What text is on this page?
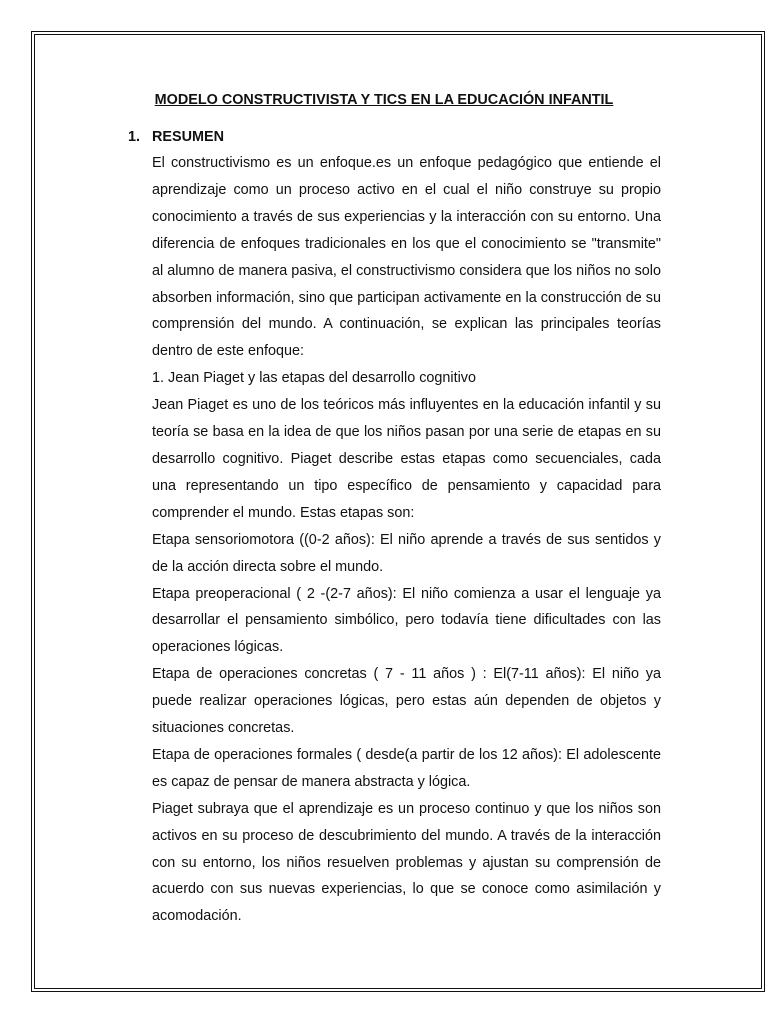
MODELO CONSTRUCTIVISTA Y TICS EN LA EDUCACIÓN INFANTIL
1. RESUMEN

El constructivismo es un enfoque.es un enfoque pedagógico que entiende el aprendizaje como un proceso activo en el cual el niño construye su propio conocimiento a través de sus experiencias y la interacción con su entorno. Una diferencia de enfoques tradicionales en los que el conocimiento se "transmite" al alumno de manera pasiva, el constructivismo considera que los niños no solo absorben información, sino que participan activamente en la construcción de su comprensión del mundo. A continuación, se explican las principales teorías dentro de este enfoque:

1. Jean Piaget y las etapas del desarrollo cognitivo

Jean Piaget es uno de los teóricos más influyentes en la educación infantil y su teoría se basa en la idea de que los niños pasan por una serie de etapas en su desarrollo cognitivo. Piaget describe estas etapas como secuenciales, cada una representando un tipo específico de pensamiento y capacidad para comprender el mundo. Estas etapas son:

Etapa sensoriomotora ((0-2 años): El niño aprende a través de sus sentidos y de la acción directa sobre el mundo.

Etapa preoperacional ( 2 -(2-7 años): El niño comienza a usar el lenguaje ya desarrollar el pensamiento simbólico, pero todavía tiene dificultades con las operaciones lógicas.

Etapa de operaciones concretas ( 7 - 11 años ) : El(7-11 años): El niño ya puede realizar operaciones lógicas, pero estas aún dependen de objetos y situaciones concretas.

Etapa de operaciones formales ( desde(a partir de los 12 años): El adolescente es capaz de pensar de manera abstracta y lógica.

Piaget subraya que el aprendizaje es un proceso continuo y que los niños son activos en su proceso de descubrimiento del mundo. A través de la interacción con su entorno, los niños resuelven problemas y ajustan su comprensión de acuerdo con sus nuevas experiencias, lo que se conoce como asimilación y acomodación.
